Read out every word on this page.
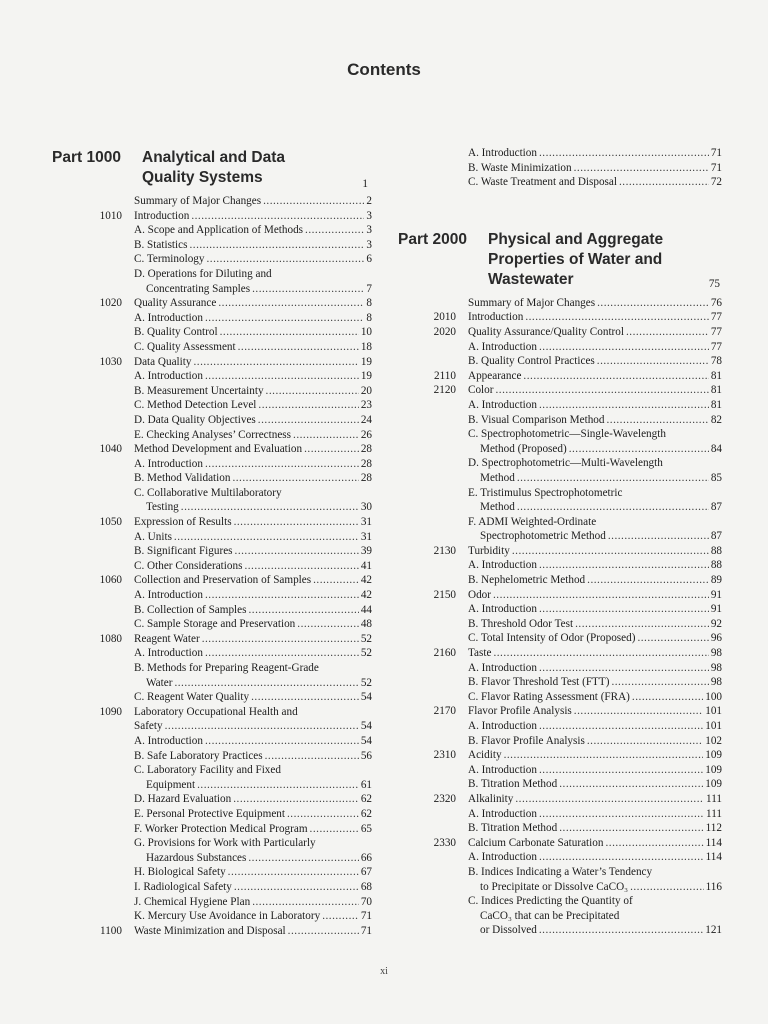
Contents
Part 1000 Analytical and Data
Quality Systems	1
Summary of Major Changes .....	2
1010	Introduction .....	3
A. Scope and Application of Methods .....	3
B. Statistics .....	3
C. Terminology .....	6
D. Operations for Diluting and
Concentrating Samples .....	7
1020	Quality Assurance .....	8
A. Introduction .....	8
B. Quality Control .....	10
C. Quality Assessment .....	18
1030	Data Quality .....	19
A. Introduction .....	19
B. Measurement Uncertainty .....	20
C. Method Detection Level .....	23
D. Data Quality Objectives .....	24
E. Checking Analyses’ Correctness .....	26
1040	Method Development and Evaluation .....	28
A. Introduction .....	28
B. Method Validation .....	28
C. Collaborative Multilaboratory
Testing .....	30
1050	Expression of Results .....	31
A. Units .....	31
B. Significant Figures .....	39
C. Other Considerations .....	41
1060	Collection and Preservation of Samples .....	42
A. Introduction .....	42
B. Collection of Samples .....	44
C. Sample Storage and Preservation .....	48
1080	Reagent Water .....	52
A. Introduction .....	52
B. Methods for Preparing Reagent-Grade
Water .....	52
C. Reagent Water Quality .....	54
1090	Laboratory Occupational Health and
Safety .....	54
A. Introduction .....	54
B. Safe Laboratory Practices .....	56
C. Laboratory Facility and Fixed
Equipment .....	61
D. Hazard Evaluation .....	62
E. Personal Protective Equipment .....	62
F. Worker Protection Medical Program .....	65
G. Provisions for Work with Particularly
Hazardous Substances .....	66
H. Biological Safety .....	67
I. Radiological Safety .....	68
J. Chemical Hygiene Plan .....	70
K. Mercury Use Avoidance in Laboratory .....	71
1100	Waste Minimization and Disposal .....	71
A. Introduction .....	71
B. Waste Minimization .....	71
C. Waste Treatment and Disposal .....	72
Part 2000 Physical and Aggregate
Properties of Water and
Wastewater	75
Summary of Major Changes .....	76
2010	Introduction .....	77
2020	Quality Assurance/Quality Control .....	77
A. Introduction .....	77
B. Quality Control Practices .....	78
2110	Appearance .....	81
2120	Color .....	81
A. Introduction .....	81
B. Visual Comparison Method .....	82
C. Spectrophotometric—Single-Wavelength
Method (Proposed) .....	84
D. Spectrophotometric—Multi-Wavelength
Method .....	85
E. Tristimulus Spectrophotometric
Method .....	87
F. ADMI Weighted-Ordinate
Spectrophotometric Method .....	87
2130	Turbidity .....	88
A. Introduction .....	88
B. Nephelometric Method .....	89
2150	Odor .....	91
A. Introduction .....	91
B. Threshold Odor Test .....	92
C. Total Intensity of Odor (Proposed) .....	96
2160	Taste .....	98
A. Introduction .....	98
B. Flavor Threshold Test (FTT) .....	98
C. Flavor Rating Assessment (FRA) .....	100
2170	Flavor Profile Analysis .....	101
A. Introduction .....	101
B. Flavor Profile Analysis .....	102
2310	Acidity .....	109
A. Introduction .....	109
B. Titration Method .....	109
2320	Alkalinity .....	111
A. Introduction .....	111
B. Titration Method .....	112
2330	Calcium Carbonate Saturation .....	114
A. Introduction .....	114
B. Indices Indicating a Water’s Tendency
to Precipitate or Dissolve CaCO₃ .....	116
C. Indices Predicting the Quantity of
CaCO₃ that can be Precipitated
or Dissolved .....	121
xi
